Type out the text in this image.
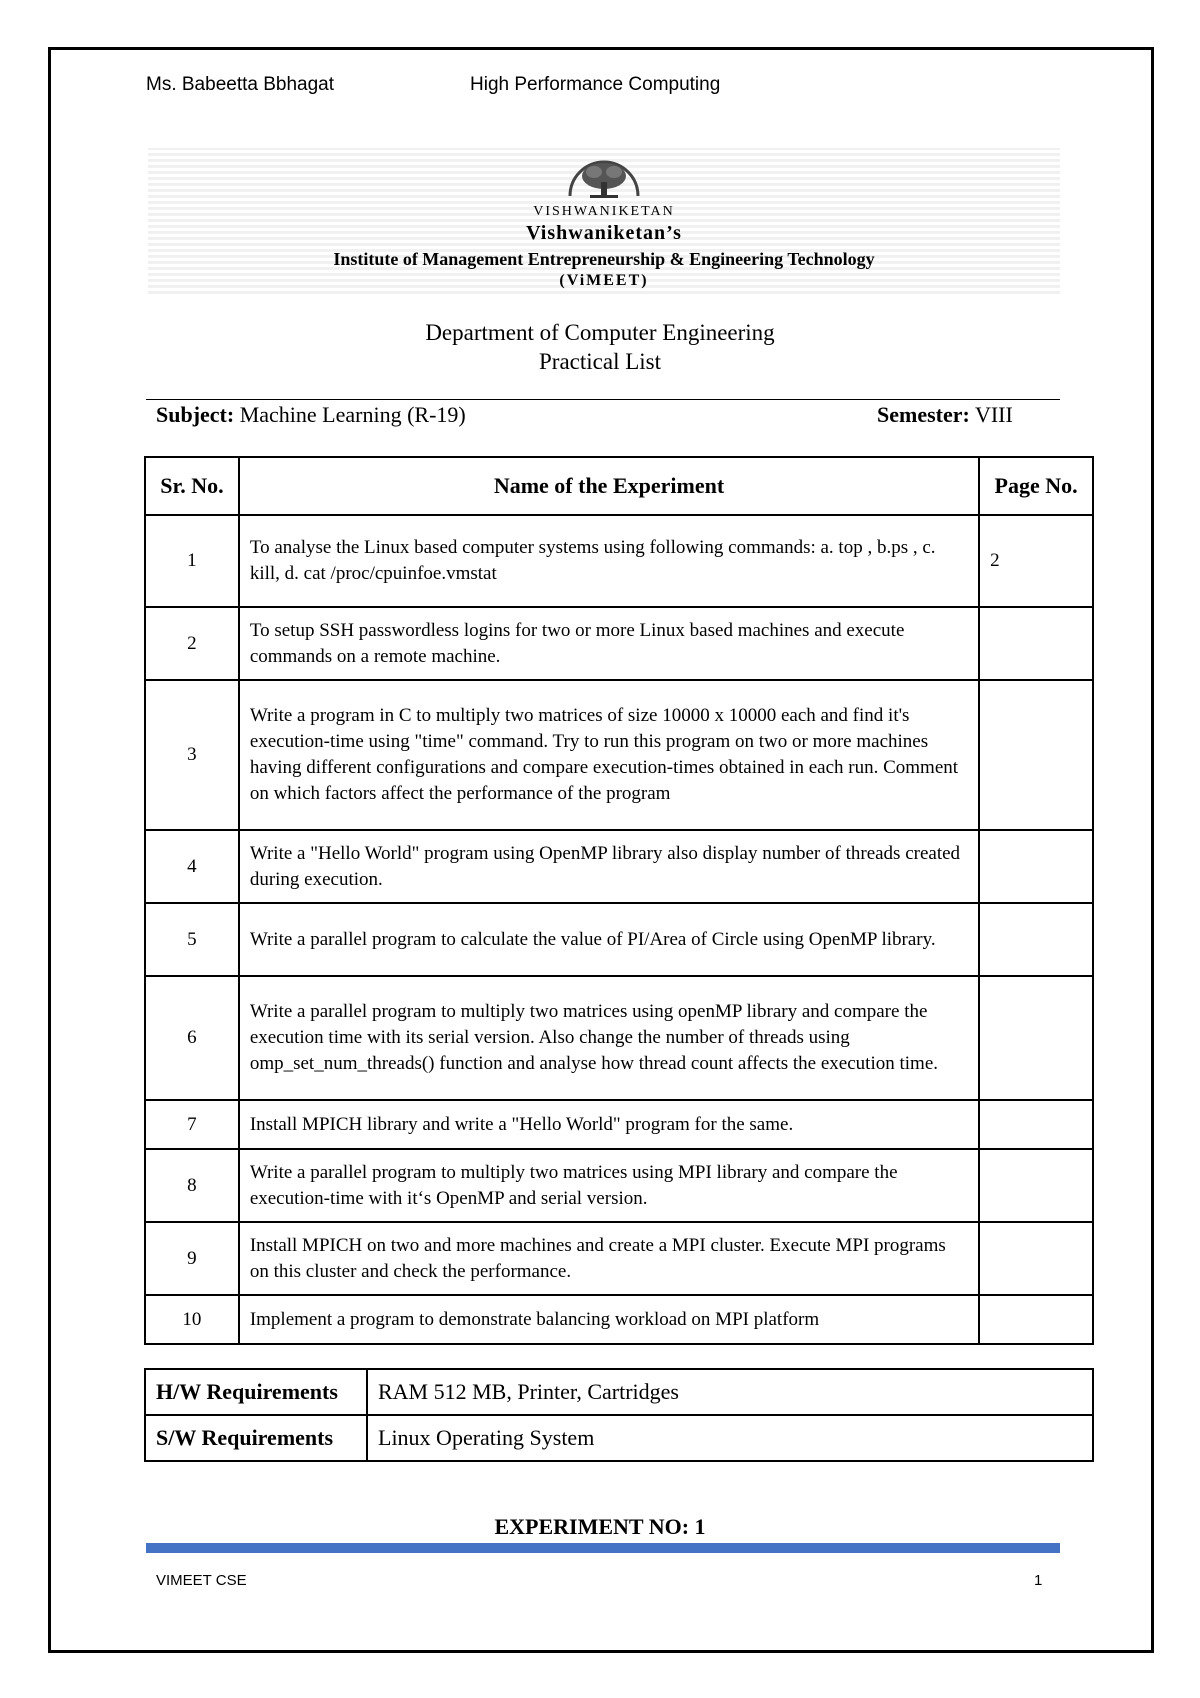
Ms. Babeetta Bbhagat	High Performance Computing
VISHWANIKETAN
Vishwaniketan’s
Institute of Management Entrepreneurship & Engineering Technology
(ViMEET)
Department of Computer Engineering
Practical List
Subject: Machine Learning (R-19)	Semester: VIII
Sr. No.	Name of the Experiment	Page No.
1	To analyse the Linux based computer systems using following commands: a. top , b.ps , c. kill, d. cat /proc/cpuinfoe.vmstat	2
2	To setup SSH passwordless logins for two or more Linux based machines and execute commands on a remote machine.	
3	Write a program in C to multiply two matrices of size 10000 x 10000 each and find it's execution-time using "time" command. Try to run this program on two or more machines having different configurations and compare execution-times obtained in each run. Comment on which factors affect the performance of the program	
4	Write a "Hello World" program using OpenMP library also display number of threads created during execution.	
5	Write a parallel program to calculate the value of PI/Area of Circle using OpenMP library.	
6	Write a parallel program to multiply two matrices using openMP library and compare the execution time with its serial version. Also change the number of threads using omp_set_num_threads() function and analyse how thread count affects the execution time.	
7	Install MPICH library and write a "Hello World" program for the same.	
8	Write a parallel program to multiply two matrices using MPI library and compare the execution-time with it‘s OpenMP and serial version.	
9	Install MPICH on two and more machines and create a MPI cluster. Execute MPI programs on this cluster and check the performance.	
10	Implement a program to demonstrate balancing workload on MPI platform	
H/W Requirements	RAM 512 MB, Printer, Cartridges
S/W Requirements	Linux Operating System
EXPERIMENT NO: 1
VIMEET CSE	1
